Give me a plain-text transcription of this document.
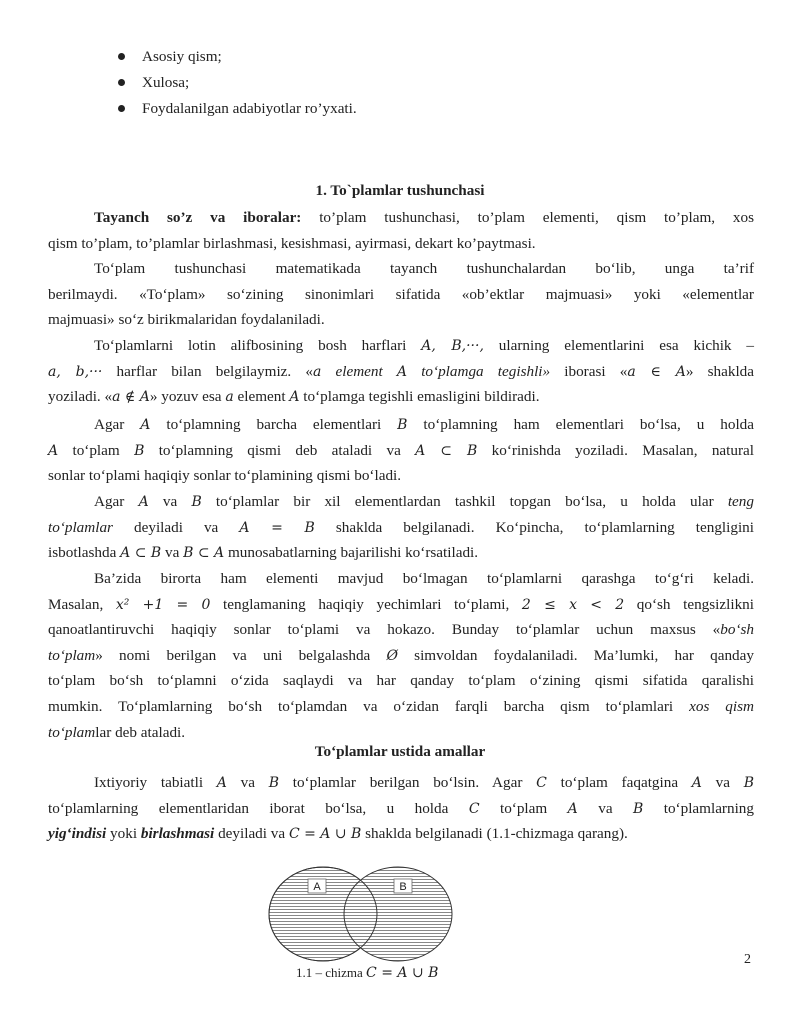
Asosiy qism;
Xulosa;
Foydalanilgan adabiyotlar ro’yxati.
1. To`plamlar tushunchasi
Tayanch so’z va iboralar: to’plam tushunchasi, to’plam elementi, qism to’plam, xos
qism to’plam, to’plamlar birlashmasi, kesishmasi, ayirmasi, dekart ko’paytmasi.
To‘plam tushunchasi matematikada tayanch tushunchalardan bo‘lib, unga ta’rif
berilmaydi. «To‘plam» so‘zining sinonimlari sifatida «ob’ektlar majmuasi» yoki «elementlar
majmuasi» so‘z birikmalaridan foydalaniladi.
To‘plamlarni lotin alifbosining bosh harflari A, B,···, ularning elementlarini esa kichik –
a, b,··· harflar bilan belgilaymiz. «a element A to‘plamga tegishli» iborasi «a ∈ A» shaklda
yoziladi. «a ∉ A» yozuv esa a element A to‘plamga tegishli emasligini bildiradi.
Agar A to‘plamning barcha elementlari B to‘plamning ham elementlari bo‘lsa, u holda
A to‘plam B to‘plamning qismi deb ataladi va A ⊂ B ko‘rinishda yoziladi. Masalan, natural
sonlar to‘plami haqiqiy sonlar to‘plamining qismi bo‘ladi.
Agar A va B to‘plamlar bir xil elementlardan tashkil topgan bo‘lsa, u holda ular teng
to‘plamlar deyiladi va A = B shaklda belgilanadi. Ko‘pincha, to‘plamlarning tengligini
isbotlashda A ⊂ B va B ⊂ A munosabatlarning bajarilishi ko‘rsatiladi.
Ba’zida birorta ham elementi mavjud bo‘lmagan to‘plamlarni qarashga to‘g‘ri keladi.
Masalan, x² +1 = 0 tenglamaning haqiqiy yechimlari to‘plami, 2 ≤ x < 2 qo‘sh tengsizlikni
qanoatlantiruvchi haqiqiy sonlar to‘plami va hokazo. Bunday to‘plamlar uchun maxsus «bo‘sh
to‘plam» nomi berilgan va uni belgalashda Ø simvoldan foydalaniladi. Ma’lumki, har qanday
to‘plam bo‘sh to‘plamni o‘zida saqlaydi va har qanday to‘plam o‘zining qismi sifatida qaralishi
mumkin. To‘plamlarning bo‘sh to‘plamdan va o‘zidan farqli barcha qism to‘plamlari xos qism
to‘plamlar deb ataladi.
To‘plamlar ustida amallar
Ixtiyoriy tabiatli A va B to‘plamlar berilgan bo‘lsin. Agar C to‘plam faqatgina A va B
to‘plamlarning elementlaridan iborat bo‘lsa, u holda C to‘plam A va B to‘plamlarning
yig‘indisi yoki birlashmasi deyiladi va C = A ∪ B shaklda belgilanadi (1.1-chizmaga qarang).
A	B
1.1 – chizma C = A ∪ B
2
